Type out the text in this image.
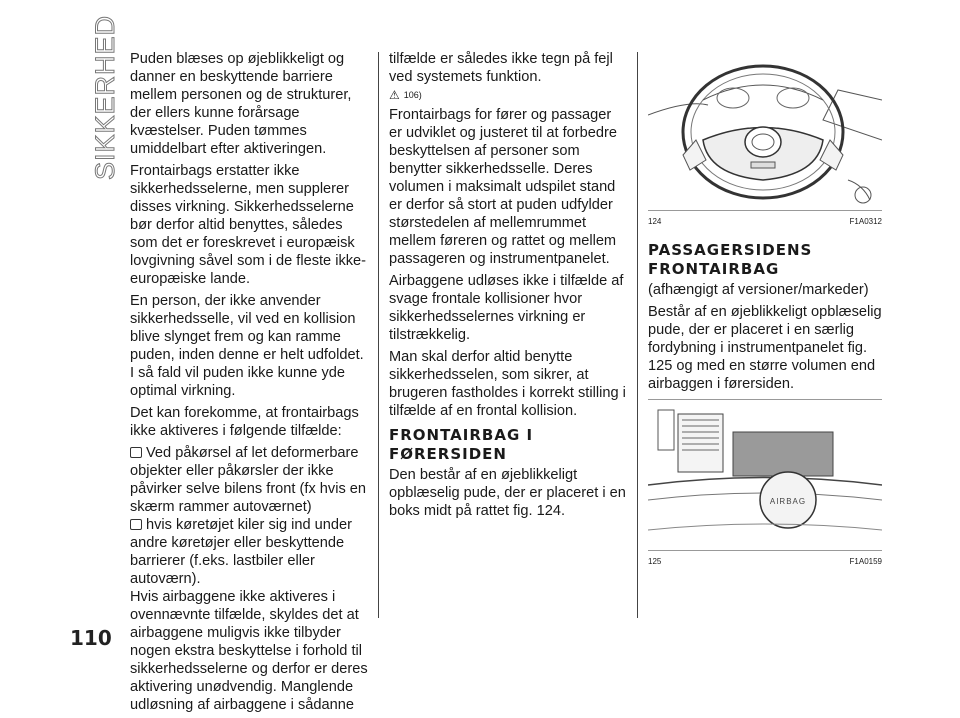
SIKKERHED Puden blæses op øjeblikkeligt og danner en beskyttende barriere mellem personen og de strukturer, der ellers kunne forårsage kvæstelser. Puden tømmes umiddelbart efter aktiveringen.

Frontairbags erstatter ikke sikkerhedsselerne, men supplerer disses virkning. Sikkerhedsselerne bør derfor altid benyttes, således som det er foreskrevet i europæisk lovgivning såvel som i de fleste ikke-europæiske lande.

En person, der ikke anvender sikkerhedsselle, vil ved en kollision blive slynget frem og kan ramme puden, inden denne er helt udfoldet. I så fald vil puden ikke kunne yde optimal virkning.

Det kan forekomme, at frontairbags ikke aktiveres i følgende tilfælde:

Ved påkørsel af let deformerbare objekter eller påkørsler der ikke påvirker selve bilens front (fx hvis en skærm rammer autoværnet)

hvis køretøjet kiler sig ind under andre køretøjer eller beskyttende barrierer (f.eks. lastbiler eller autoværn).

Hvis airbaggene ikke aktiveres i ovennævnte tilfælde, skyldes det at airbaggene muligvis ikke tilbyder nogen ekstra beskyttelse i forhold til sikkerhedsselerne og derfor er deres aktivering unødvendig. Manglende udløsning af airbaggene i sådanne

tilfælde er således ikke tegn på fejl ved systemets funktion.

⚠ 106)

Frontairbags for fører og passager er udviklet og justeret til at forbedre beskyttelsen af personer som benytter sikkerhedsselle. Deres volumen i maksimalt udspilet stand er derfor så stort at puden udfylder størstedelen af mellemrummet mellem føreren og rattet og mellem passageren og instrumentpanelet.

Airbaggene udløses ikke i tilfælde af svage frontale kollisioner hvor sikkerhedsselernes virkning er tilstrækkelig.

Man skal derfor altid benytte sikkerhedsselen, som sikrer, at brugeren fastholdes i korrekt stilling i tilfælde af en frontal kollision.

FRONTAIRBAG I FØRERSIDEN

Den består af en øjeblikkeligt opblæselig pude, der er placeret i en boks midt på rattet fig. 124.

124	F1A0312
PASSAGERSIDENS FRONTAIRBAG

(afhængigt af versioner/markeder)

Består af en øjeblikkeligt opblæselig pude, der er placeret i en særlig fordybning i instrumentpanelet fig. 125 og med en større volumen end airbaggen i førersiden.

AIRBAG
125	F1A0159
110
